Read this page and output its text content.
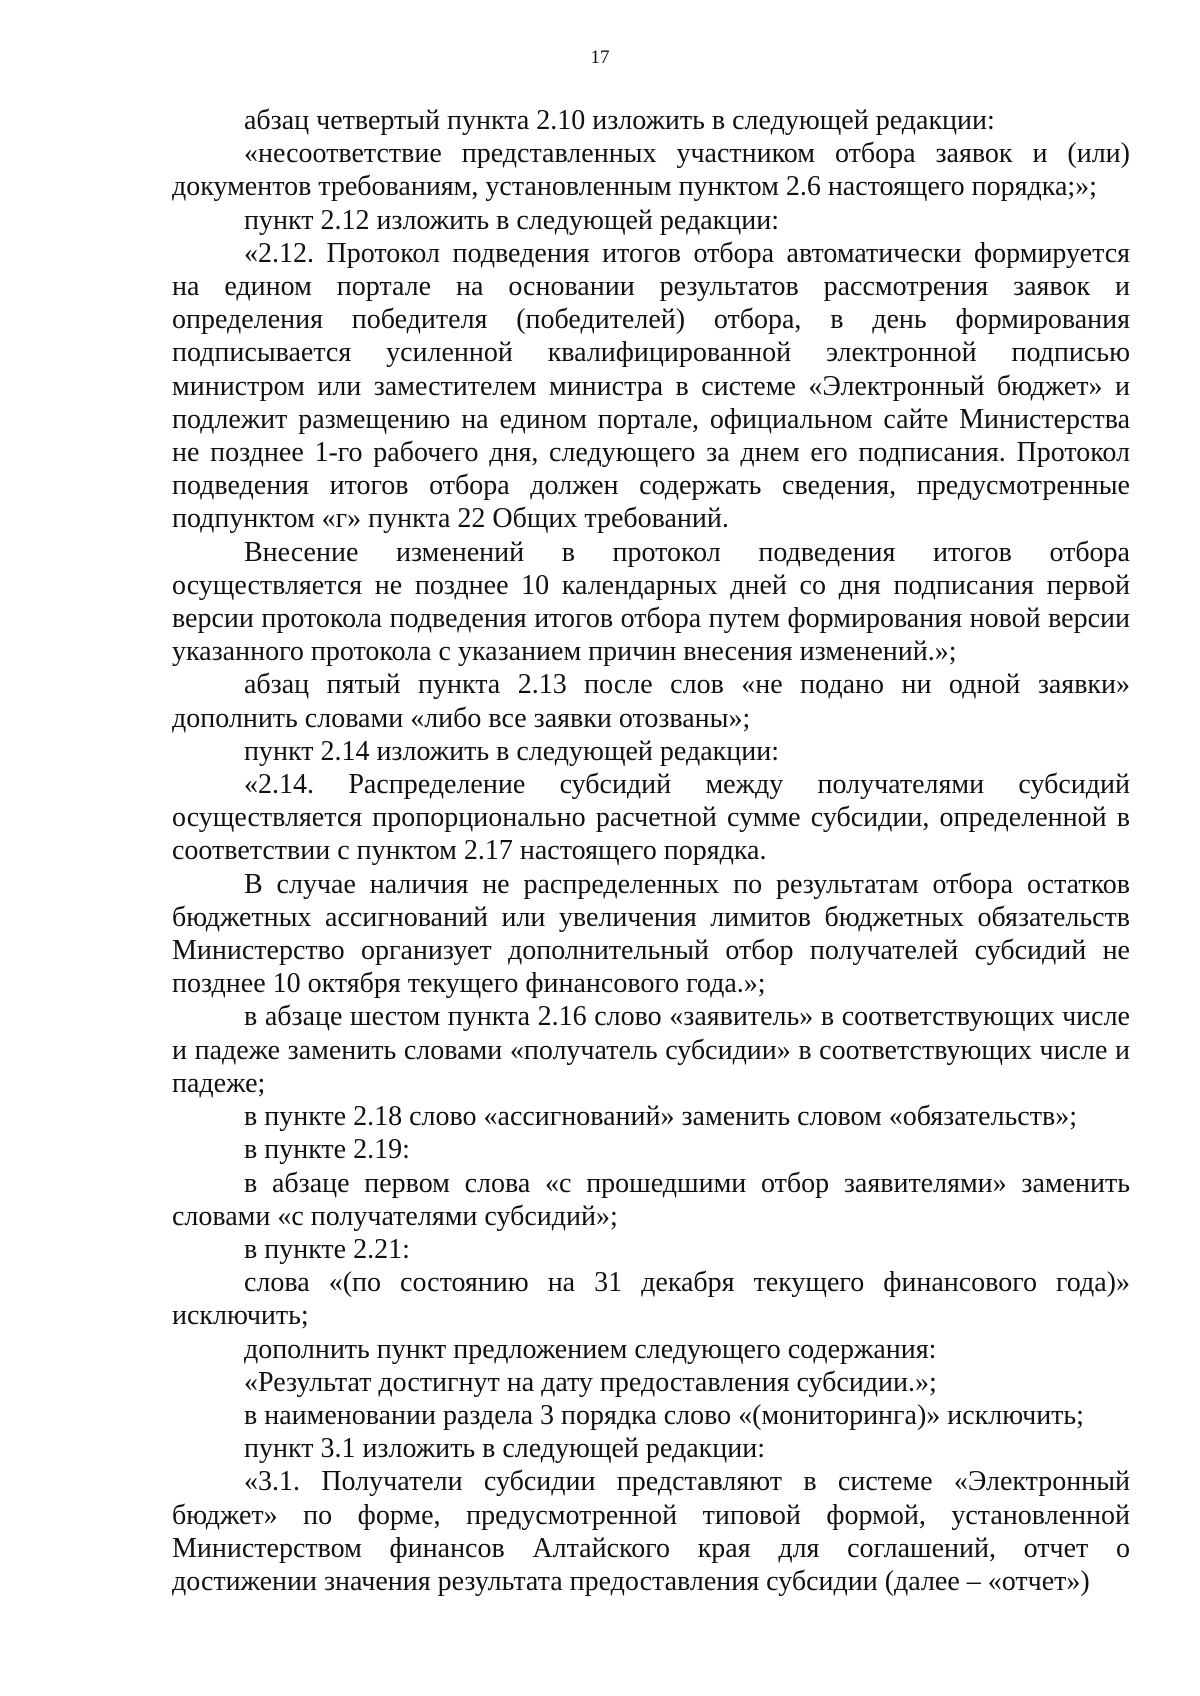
17

абзац четвертый пункта 2.10 изложить в следующей редакции:

«несоответствие представленных участником отбора заявок и (или) документов требованиям, установленным пунктом 2.6 настоящего порядка;»;

пункт 2.12 изложить в следующей редакции:

«2.12. Протокол подведения итогов отбора автоматически формируется на едином портале на основании результатов рассмотрения заявок и определения победителя (победителей) отбора, в день формирования подписывается усиленной квалифицированной электронной подписью министром или заместителем министра в системе «Электронный бюджет» и подлежит размещению на едином портале, официальном сайте Министерства не позднее 1-го рабочего дня, следующего за днем его подписания. Протокол подведения итогов отбора должен содержать сведения, предусмотренные подпунктом «г» пункта 22 Общих требований.

Внесение изменений в протокол подведения итогов отбора осуществляется не позднее 10 календарных дней со дня подписания первой версии протокола подведения итогов отбора путем формирования новой версии указанного протокола с указанием причин внесения изменений.»;

абзац пятый пункта 2.13 после слов «не подано ни одной заявки» дополнить словами «либо все заявки отозваны»;

пункт 2.14 изложить в следующей редакции:

«2.14. Распределение субсидий между получателями субсидий осуществляется пропорционально расчетной сумме субсидии, определенной в соответствии с пунктом 2.17 настоящего порядка.

В случае наличия не распределенных по результатам отбора остатков бюджетных ассигнований или увеличения лимитов бюджетных обязательств Министерство организует дополнительный отбор получателей субсидий не позднее 10 октября текущего финансового года.»;

в абзаце шестом пункта 2.16 слово «заявитель» в соответствующих числе и падеже заменить словами «получатель субсидии» в соответствующих числе и падеже;

в пункте 2.18 слово «ассигнований» заменить словом «обязательств»;

в пункте 2.19:

в абзаце первом слова «с прошедшими отбор заявителями» заменить словами «с получателями субсидий»;

в пункте 2.21:

слова «(по состоянию на 31 декабря текущего финансового года)» исключить;

дополнить пункт предложением следующего содержания:

«Результат достигнут на дату предоставления субсидии.»;

в наименовании раздела 3 порядка слово «(мониторинга)» исключить;

пункт 3.1 изложить в следующей редакции:

«3.1. Получатели субсидии представляют в системе «Электронный бюджет» по форме, предусмотренной типовой формой, установленной Министерством финансов Алтайского края для соглашений, отчет о достижении значения результата предоставления субсидии (далее – «отчет»)
